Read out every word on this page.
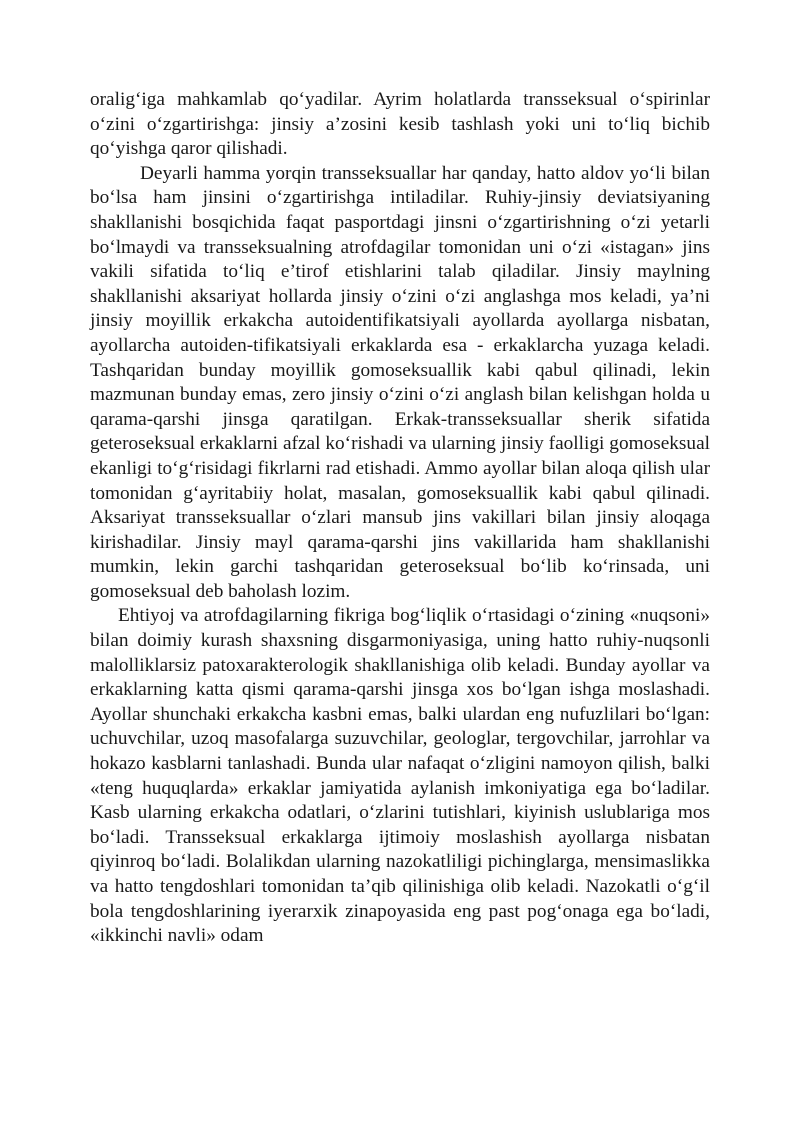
oralig‘iga mahkamlab qo‘yadilar. Ayrim holatlarda transseksual o‘spirinlar o‘zini o‘zgartirishga: jinsiy a’zosini kesib tashlash yoki uni to‘liq bichib qo‘yishga qaror qilishadi.

Deyarli hamma yorqin transseksuallar har qanday, hatto aldov yo‘li bilan bo‘lsa ham jinsini o‘zgartirishga intiladilar. Ruhiy-jinsiy deviatsiyaning shakllanishi bosqichida faqat pasportdagi jinsni o‘zgartirishning o‘zi yetarli bo‘lmaydi va transseksualning atrofdagilar tomonidan uni o‘zi «istagan» jins vakili sifatida to‘liq e’tirof etishlarini talab qiladilar. Jinsiy maylning shakllanishi aksariyat hollarda jinsiy o‘zini o‘zi anglashga mos keladi, ya’ni jinsiy moyillik erkakcha autoidentifikatsiyali ayollarda ayollarga nisbatan, ayollarcha autoiden-tifikatsiyali erkaklarda esa - erkaklarcha yuzaga keladi. Tashqaridan bunday moyillik gomoseksuallik kabi qabul qilinadi, lekin mazmunan bunday emas, zero jinsiy o‘zini o‘zi anglash bilan kelishgan holda u qarama-qarshi jinsga qaratilgan. Erkak-transseksuallar sherik sifatida geteroseksual erkaklarni afzal ko‘rishadi va ularning jinsiy faolligi gomoseksual ekanligi to‘g‘risidagi fikrlarni rad etishadi. Ammo ayollar bilan aloqa qilish ular tomonidan g‘ayritabiiy holat, masalan, gomoseksuallik kabi qabul qilinadi. Aksariyat transseksuallar o‘zlari mansub jins vakillari bilan jinsiy aloqaga kirishadilar. Jinsiy mayl qarama-qarshi jins vakillarida ham shakllanishi mumkin, lekin garchi tashqaridan geteroseksual bo‘lib ko‘rinsada, uni gomoseksual deb baholash lozim.

Ehtiyoj va atrofdagilarning fikriga bog‘liqlik o‘rtasidagi o‘zining «nuqsoni» bilan doimiy kurash shaxsning disgarmoniyasiga, uning hatto ruhiy-nuqsonli malolliklarsiz patoxarakterologik shakllanishiga olib keladi. Bunday ayollar va erkaklarning katta qismi qarama-qarshi jinsga xos bo‘lgan ishga moslashadi. Ayollar shunchaki erkakcha kasbni emas, balki ulardan eng nufuzlilari bo‘lgan: uchuvchilar, uzoq masofalarga suzuvchilar, geologlar, tergovchilar, jarrohlar va hokazo kasblarni tanlashadi. Bunda ular nafaqat o‘zligini namoyon qilish, balki «teng huquqlarda» erkaklar jamiyatida aylanish imkoniyatiga ega bo‘ladilar. Kasb ularning erkakcha odatlari, o‘zlarini tutishlari, kiyinish uslublariga mos bo‘ladi. Transseksual erkaklarga ijtimoiy moslashish ayollarga nisbatan qiyinroq bo‘ladi. Bolalikdan ularning nazokatliligi pichinglarga, mensimaslikka va hatto tengdoshlari tomonidan ta’qib qilinishiga olib keladi. Nazokatli o‘g‘il bola tengdoshlarining iyerarxik zinapoyasida eng past pog‘onaga ega bo‘ladi, «ikkinchi navli» odam
